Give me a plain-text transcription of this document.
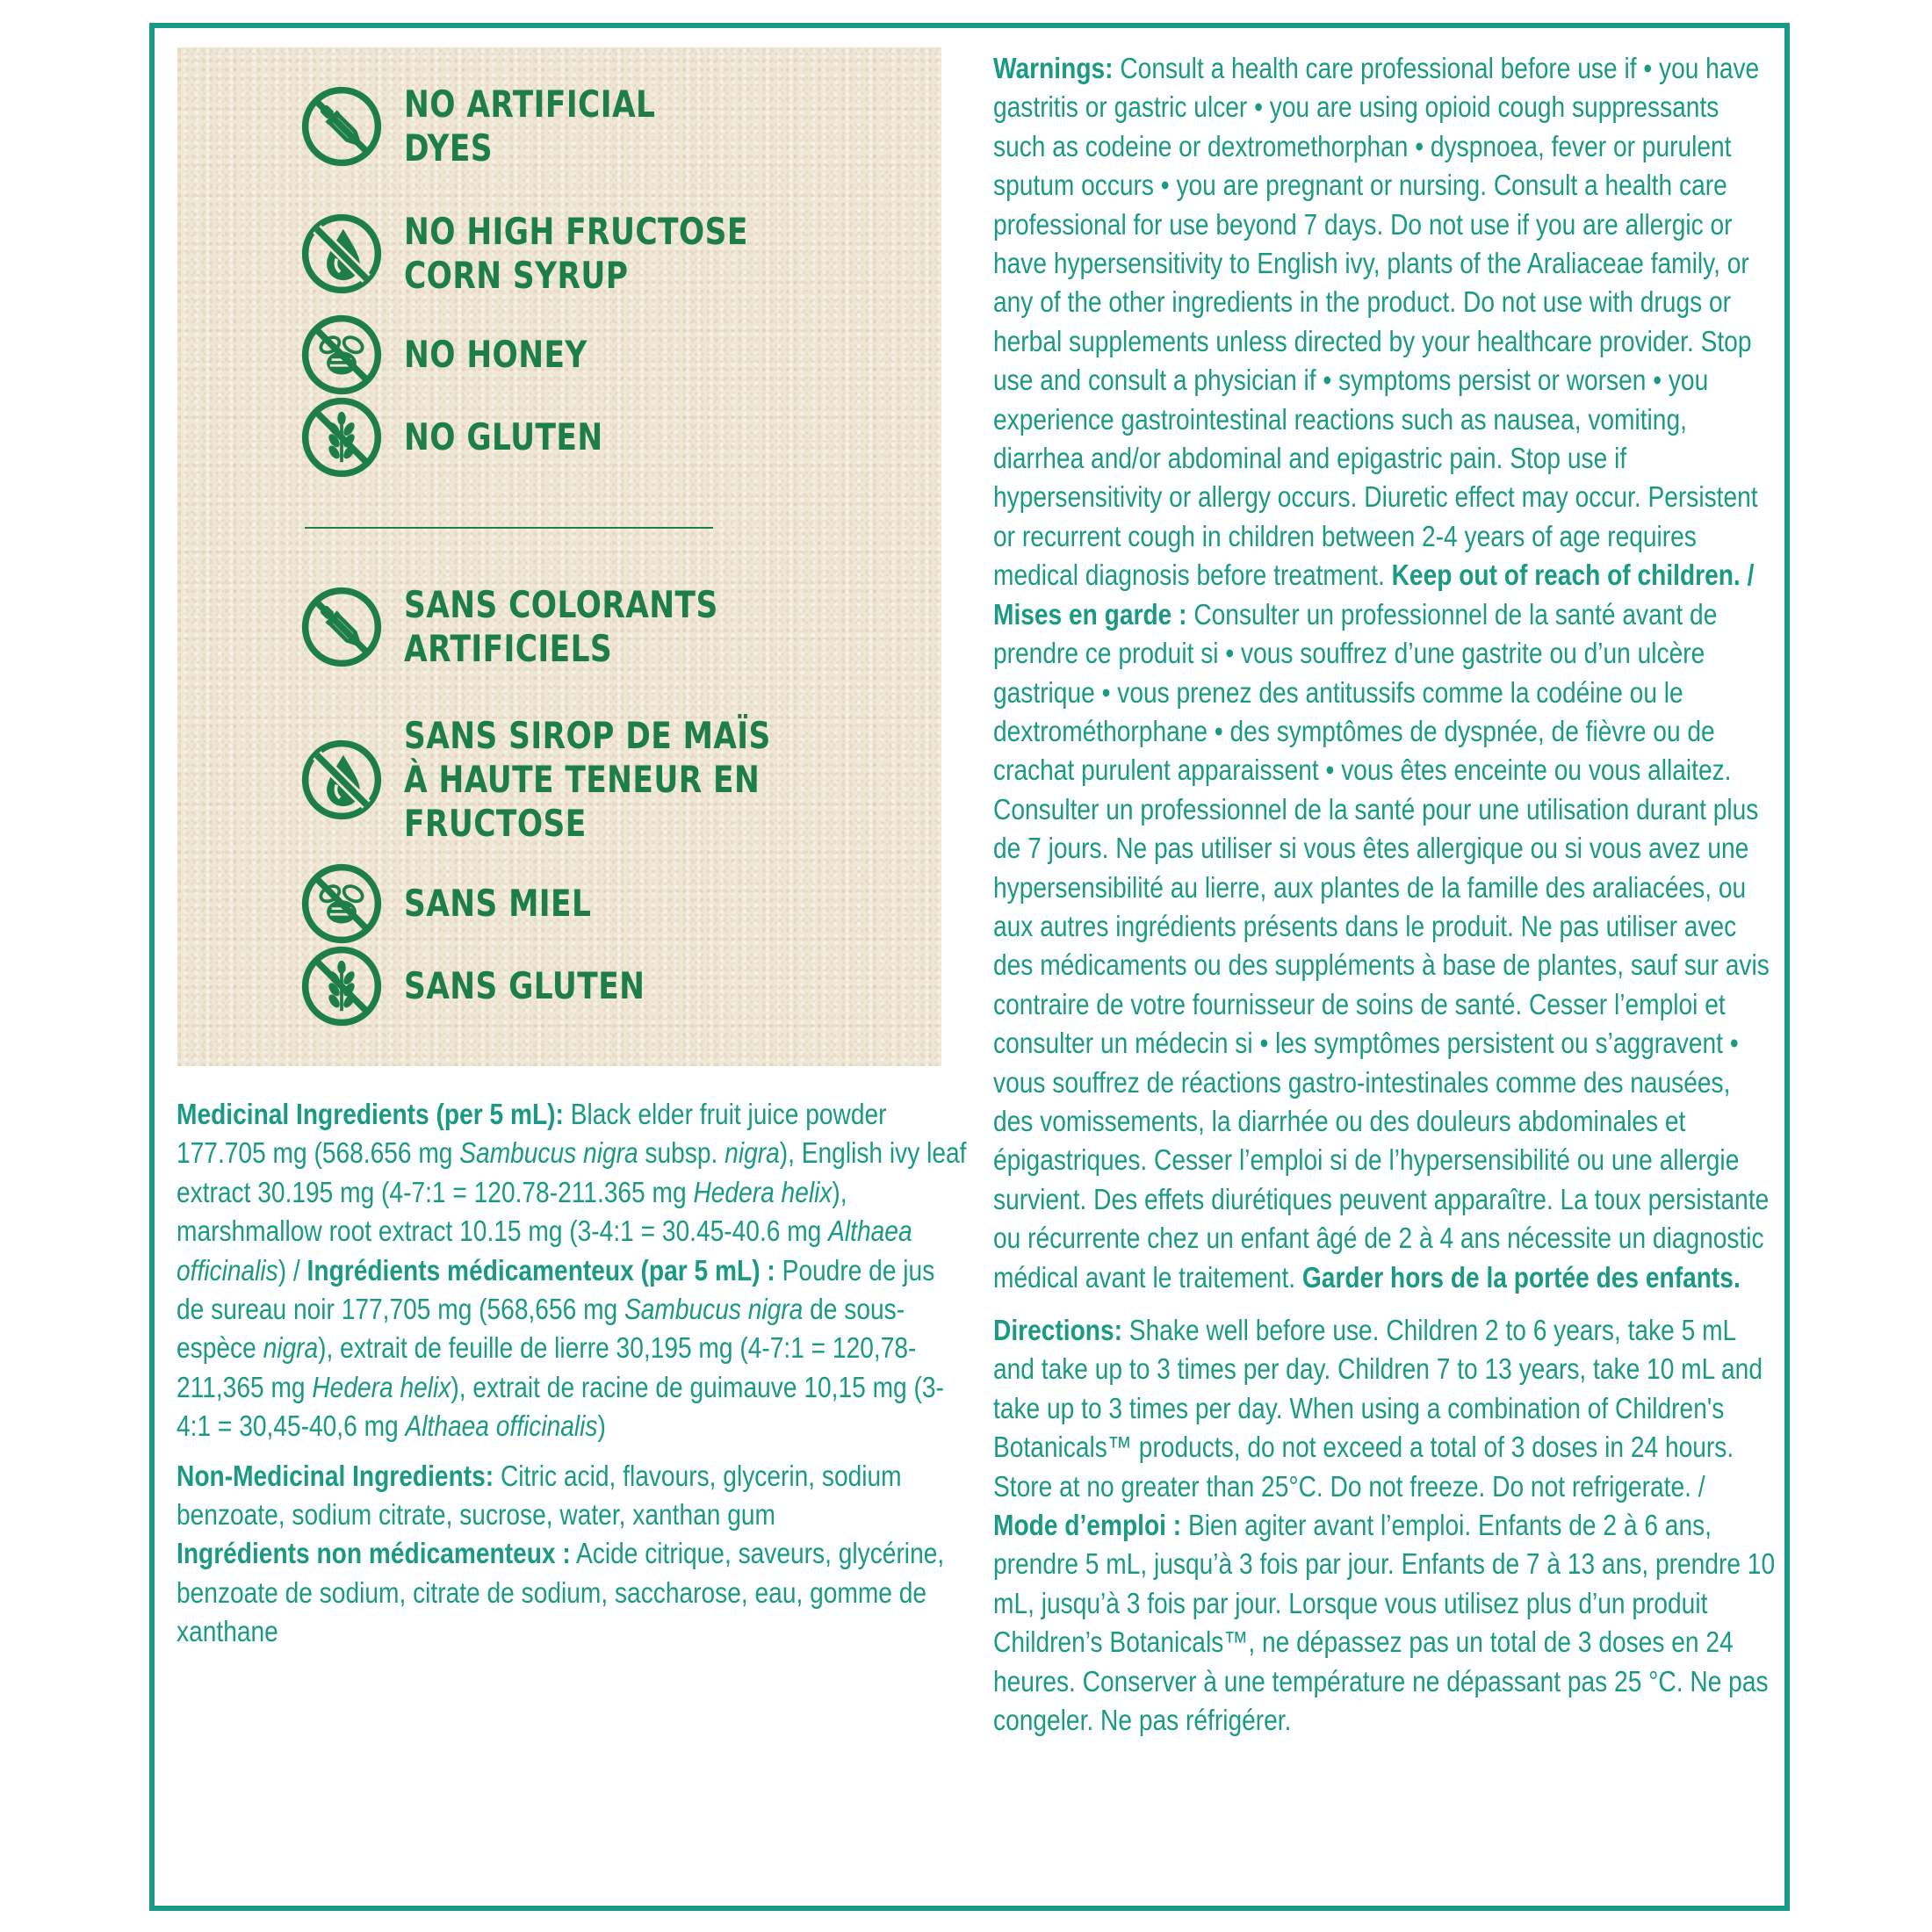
NO ARTIFICIAL
DYES
NO HIGH FRUCTOSE
CORN SYRUP
NO HONEY
NO GLUTEN
SANS COLORANTS
ARTIFICIELS
SANS SIROP DE MAÏS
À HAUTE TENEUR EN
FRUCTOSE
SANS MIEL
SANS GLUTEN

Medicinal Ingredients (per 5 mL): Black elder fruit juice powder 177.705 mg (568.656 mg Sambucus nigra subsp. nigra), English ivy leaf extract 30.195 mg (4-7:1 = 120.78-211.365 mg Hedera helix), marshmallow root extract 10.15 mg (3-4:1 = 30.45-40.6 mg Althaea officinalis) / Ingrédients médicamenteux (par 5 mL) : Poudre de jus de sureau noir 177,705 mg (568,656 mg Sambucus nigra de sous-espèce nigra), extrait de feuille de lierre 30,195 mg (4-7:1 = 120,78-211,365 mg Hedera helix), extrait de racine de guimauve 10,15 mg (3-4:1 = 30,45-40,6 mg Althaea officinalis)

Non-Medicinal Ingredients: Citric acid, flavours, glycerin, sodium benzoate, sodium citrate, sucrose, water, xanthan gum

Ingrédients non médicamenteux : Acide citrique, saveurs, glycérine, benzoate de sodium, citrate de sodium, saccharose, eau, gomme de xanthane

Warnings: Consult a health care professional before use if • you have gastritis or gastric ulcer • you are using opioid cough suppressants such as codeine or dextromethorphan • dyspnoea, fever or purulent sputum occurs • you are pregnant or nursing. Consult a health care professional for use beyond 7 days. Do not use if you are allergic or have hypersensitivity to English ivy, plants of the Araliaceae family, or any of the other ingredients in the product. Do not use with drugs or herbal supplements unless directed by your healthcare provider. Stop use and consult a physician if • symptoms persist or worsen • you experience gastrointestinal reactions such as nausea, vomiting, diarrhea and/or abdominal and epigastric pain. Stop use if hypersensitivity or allergy occurs. Diuretic effect may occur. Persistent or recurrent cough in children between 2-4 years of age requires medical diagnosis before treatment. Keep out of reach of children. / Mises en garde : Consulter un professionnel de la santé avant de prendre ce produit si • vous souffrez d’une gastrite ou d’un ulcère gastrique • vous prenez des antitussifs comme la codéine ou le dextrométhorphane • des symptômes de dyspnée, de fièvre ou de crachat purulent apparaissent • vous êtes enceinte ou vous allaitez. Consulter un professionnel de la santé pour une utilisation durant plus de 7 jours. Ne pas utiliser si vous êtes allergique ou si vous avez une hypersensibilité au lierre, aux plantes de la famille des araliacées, ou aux autres ingrédients présents dans le produit. Ne pas utiliser avec des médicaments ou des suppléments à base de plantes, sauf sur avis contraire de votre fournisseur de soins de santé. Cesser l’emploi et consulter un médecin si • les symptômes persistent ou s’aggravent • vous souffrez de réactions gastro-intestinales comme des nausées, des vomissements, la diarrhée ou des douleurs abdominales et épigastriques. Cesser l’emploi si de l’hypersensibilité ou une allergie survient. Des effets diurétiques peuvent apparaître. La toux persistante ou récurrente chez un enfant âgé de 2 à 4 ans nécessite un diagnostic médical avant le traitement. Garder hors de la portée des enfants.

Directions: Shake well before use. Children 2 to 6 years, take 5 mL and take up to 3 times per day. Children 7 to 13 years, take 10 mL and take up to 3 times per day. When using a combination of Children's Botanicals™ products, do not exceed a total of 3 doses in 24 hours. Store at no greater than 25°C. Do not freeze. Do not refrigerate. / Mode d’emploi : Bien agiter avant l’emploi. Enfants de 2 à 6 ans, prendre 5 mL, jusqu’à 3 fois par jour. Enfants de 7 à 13 ans, prendre 10 mL, jusqu’à 3 fois par jour. Lorsque vous utilisez plus d’un produit Children’s Botanicals™, ne dépassez pas un total de 3 doses en 24 heures. Conserver à une température ne dépassant pas 25 °C. Ne pas congeler. Ne pas réfrigérer.
